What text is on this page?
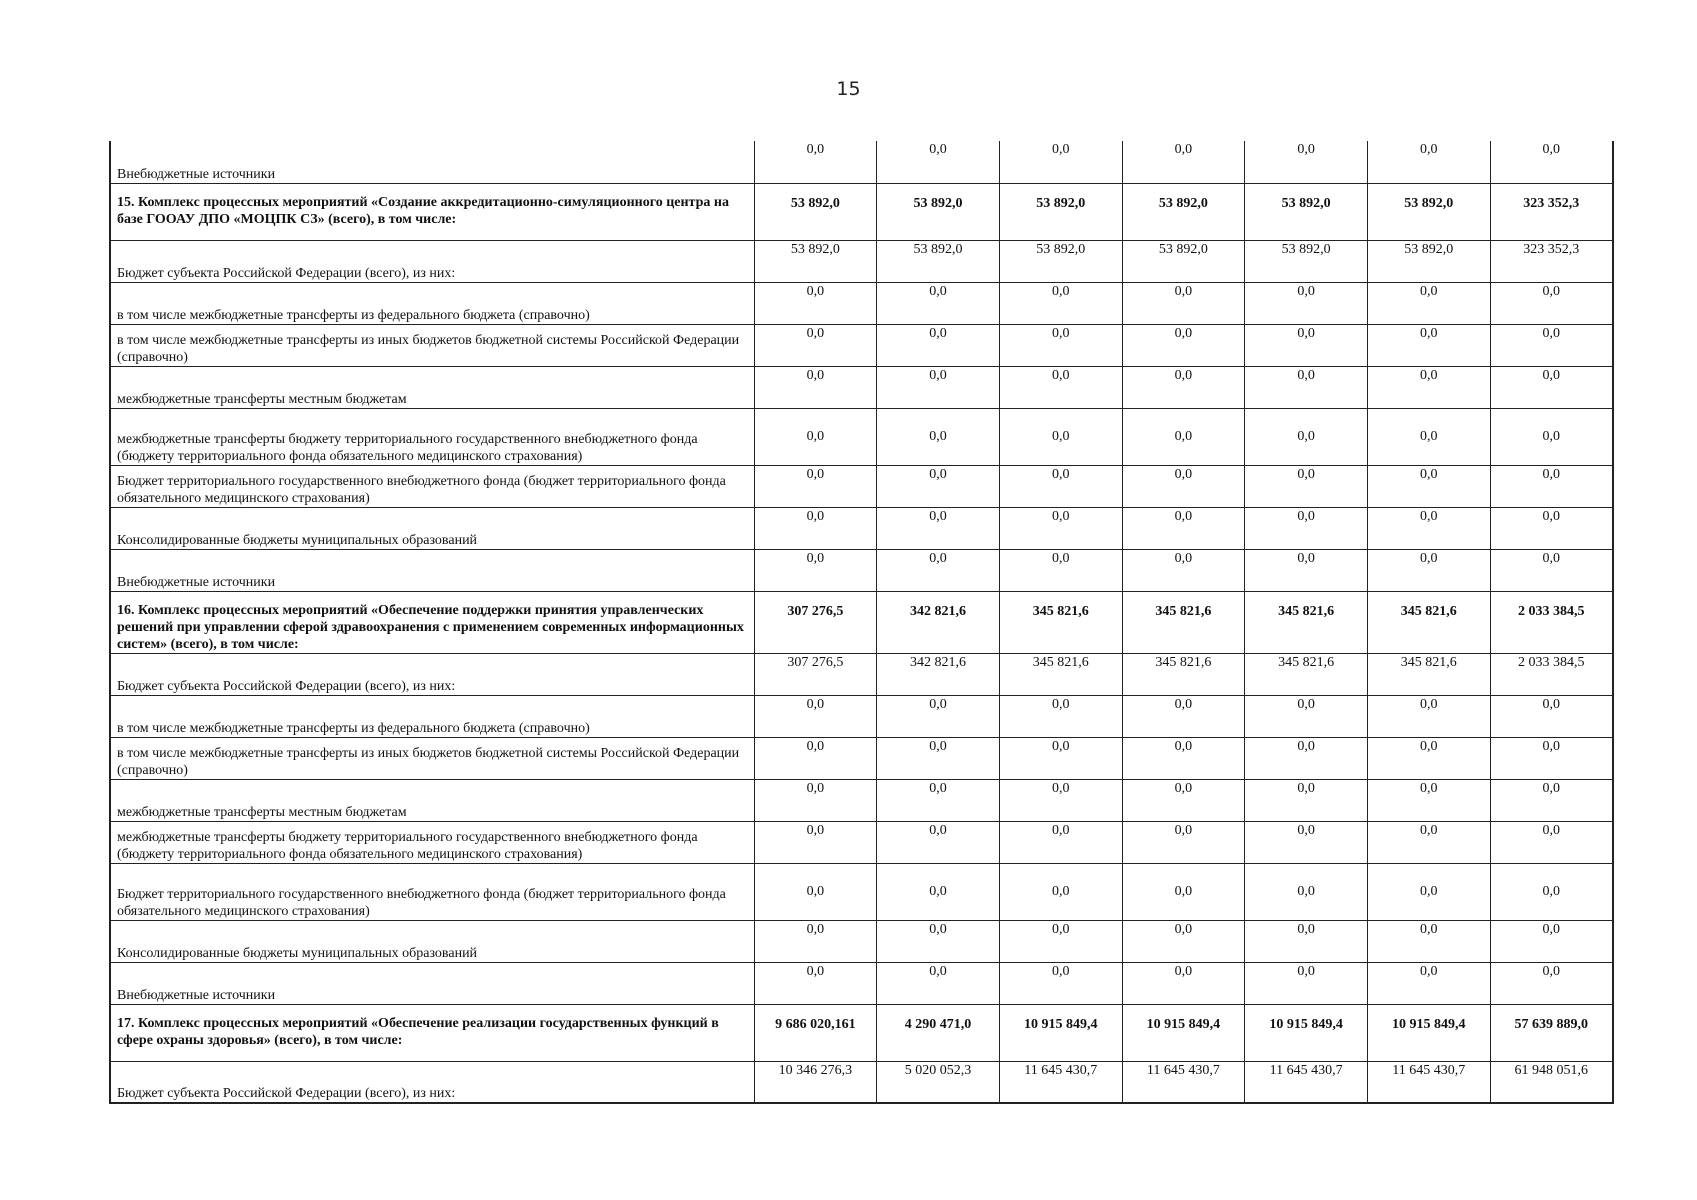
15
Внебюджетные источники	0,0	0,0	0,0	0,0	0,0	0,0	0,0
15. Комплекс процессных мероприятий «Создание аккредитационно-симуляционного центра на базе ГООАУ ДПО «МОЦПК СЗ» (всего), в том числе:	53 892,0	53 892,0	53 892,0	53 892,0	53 892,0	53 892,0	323 352,3
Бюджет субъекта Российской Федерации (всего), из них:	53 892,0	53 892,0	53 892,0	53 892,0	53 892,0	53 892,0	323 352,3
в том числе межбюджетные трансферты из федерального бюджета (справочно)	0,0	0,0	0,0	0,0	0,0	0,0	0,0
в том числе межбюджетные трансферты из иных бюджетов бюджетной системы Российской Федерации (справочно)	0,0	0,0	0,0	0,0	0,0	0,0	0,0
межбюджетные трансферты местным бюджетам	0,0	0,0	0,0	0,0	0,0	0,0	0,0
межбюджетные трансферты бюджету территориального государственного внебюджетного фонда (бюджету территориального фонда обязательного медицинского страхования)	0,0	0,0	0,0	0,0	0,0	0,0	0,0
Бюджет территориального государственного внебюджетного фонда (бюджет территориального фонда обязательного медицинского страхования)	0,0	0,0	0,0	0,0	0,0	0,0	0,0
Консолидированные бюджеты муниципальных образований	0,0	0,0	0,0	0,0	0,0	0,0	0,0
Внебюджетные источники	0,0	0,0	0,0	0,0	0,0	0,0	0,0
16. Комплекс процессных мероприятий «Обеспечение поддержки принятия управленческих решений при управлении сферой здравоохранения с применением современных информационных систем» (всего), в том числе:	307 276,5	342 821,6	345 821,6	345 821,6	345 821,6	345 821,6	2 033 384,5
Бюджет субъекта Российской Федерации (всего), из них:	307 276,5	342 821,6	345 821,6	345 821,6	345 821,6	345 821,6	2 033 384,5
в том числе межбюджетные трансферты из федерального бюджета (справочно)	0,0	0,0	0,0	0,0	0,0	0,0	0,0
в том числе межбюджетные трансферты из иных бюджетов бюджетной системы Российской Федерации (справочно)	0,0	0,0	0,0	0,0	0,0	0,0	0,0
межбюджетные трансферты местным бюджетам	0,0	0,0	0,0	0,0	0,0	0,0	0,0
межбюджетные трансферты бюджету территориального государственного внебюджетного фонда (бюджету территориального фонда обязательного медицинского страхования)	0,0	0,0	0,0	0,0	0,0	0,0	0,0
Бюджет территориального государственного внебюджетного фонда (бюджет территориального фонда обязательного медицинского страхования)	0,0	0,0	0,0	0,0	0,0	0,0	0,0
Консолидированные бюджеты муниципальных образований	0,0	0,0	0,0	0,0	0,0	0,0	0,0
Внебюджетные источники	0,0	0,0	0,0	0,0	0,0	0,0	0,0
17. Комплекс процессных мероприятий «Обеспечение реализации государственных функций в сфере охраны здоровья» (всего), в том числе:	9 686 020,161	4 290 471,0	10 915 849,4	10 915 849,4	10 915 849,4	10 915 849,4	57 639 889,0
Бюджет субъекта Российской Федерации (всего), из них:	10 346 276,3	5 020 052,3	11 645 430,7	11 645 430,7	11 645 430,7	11 645 430,7	61 948 051,6
